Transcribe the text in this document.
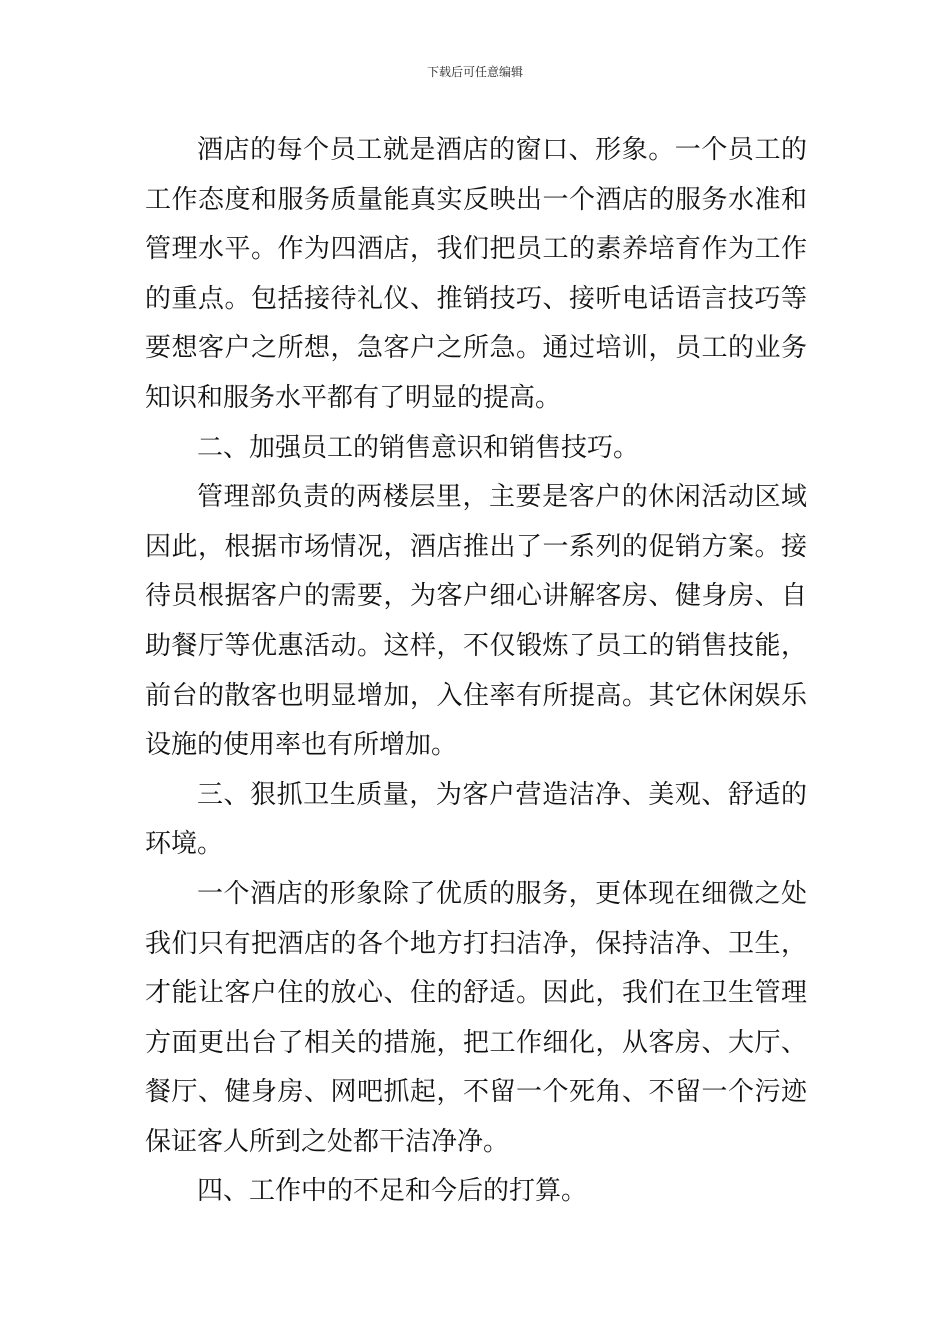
下载后可任意编辑

酒店的每个员工就是酒店的窗口、形象。一个员工的工作态度和服务质量能真实反映出一个酒店的服务水准和管理水平。作为四酒店，我们把员工的素养培育作为工作的重点。包括接待礼仪、推销技巧、接听电话语言技巧等要想客户之所想，急客户之所急。通过培训，员工的业务知识和服务水平都有了明显的提高。

二、加强员工的销售意识和销售技巧。

管理部负责的两楼层里，主要是客户的休闲活动区域因此，根据市场情况，酒店推出了一系列的促销方案。接待员根据客户的需要，为客户细心讲解客房、健身房、自助餐厅等优惠活动。这样，不仅锻炼了员工的销售技能，前台的散客也明显增加，入住率有所提高。其它休闲娱乐设施的使用率也有所增加。

三、狠抓卫生质量，为客户营造洁净、美观、舒适的环境。

一个酒店的形象除了优质的服务，更体现在细微之处我们只有把酒店的各个地方打扫洁净，保持洁净、卫生，才能让客户住的放心、住的舒适。因此，我们在卫生管理方面更出台了相关的措施，把工作细化，从客房、大厅、餐厅、健身房、网吧抓起，不留一个死角、不留一个污迹保证客人所到之处都干洁净净。

四、工作中的不足和今后的打算。
